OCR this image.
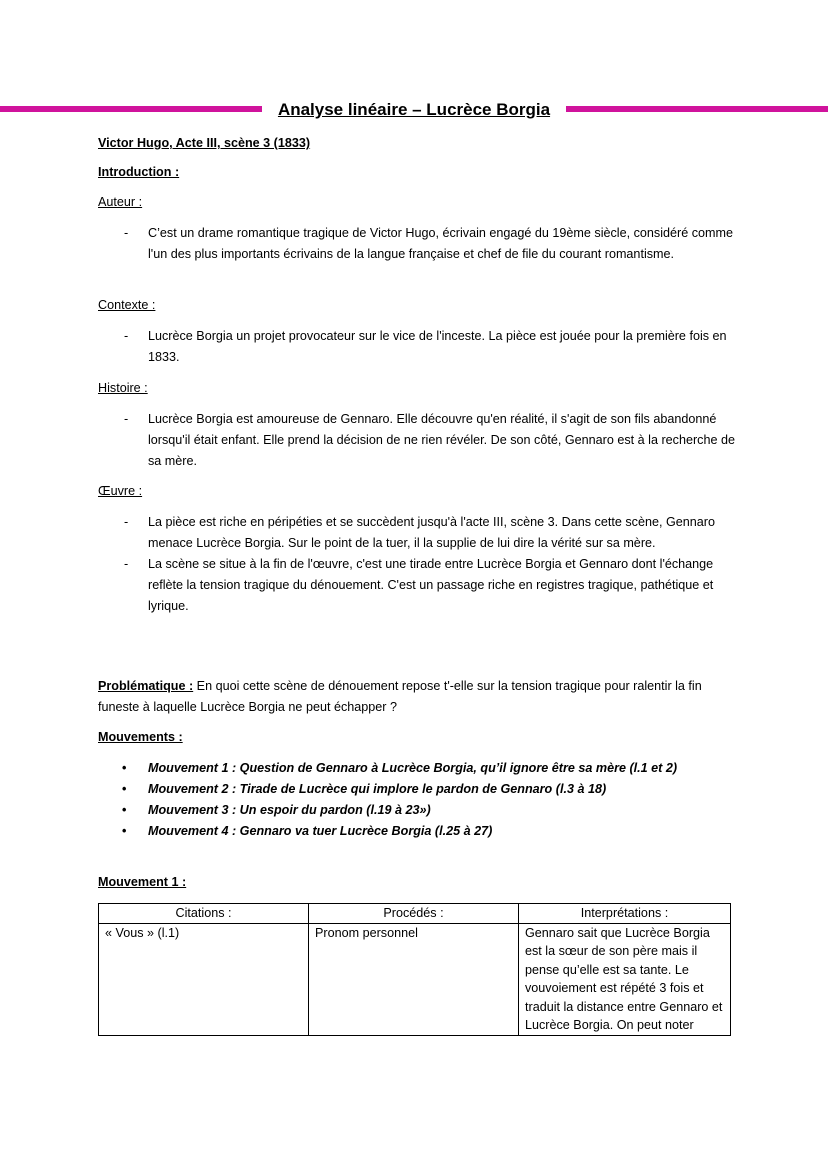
Analyse linéaire – Lucrèce Borgia
Victor Hugo, Acte III, scène 3 (1833)
Introduction :
Auteur :
- C’est un drame romantique tragique de Victor Hugo, écrivain engagé du 19ème siècle, considéré comme l'un des plus importants écrivains de la langue française et chef de file du courant romantisme.
Contexte :
- Lucrèce Borgia un projet provocateur sur le vice de l'inceste. La pièce est jouée pour la première fois en 1833.
Histoire :
- Lucrèce Borgia est amoureuse de Gennaro. Elle découvre qu'en réalité, il s'agit de son fils abandonné lorsqu'il était enfant. Elle prend la décision de ne rien révéler. De son côté, Gennaro est à la recherche de sa mère.
Œuvre :
- La pièce est riche en péripéties et se succèdent jusqu'à l'acte III, scène 3. Dans cette scène, Gennaro menace Lucrèce Borgia. Sur le point de la tuer, il la supplie de lui dire la vérité sur sa mère.
- La scène se situe à la fin de l'œuvre, c'est une tirade entre Lucrèce Borgia et Gennaro dont l'échange reflète la tension tragique du dénouement. C'est un passage riche en registres tragique, pathétique et lyrique.
Problématique : En quoi cette scène de dénouement repose t'-elle sur la tension tragique pour ralentir la fin funeste à laquelle Lucrèce Borgia ne peut échapper ?
Mouvements :
• Mouvement 1 : Question de Gennaro à Lucrèce Borgia, qu’il ignore être sa mère (l.1 et 2)
• Mouvement 2 : Tirade de Lucrèce qui implore le pardon de Gennaro (l.3 à 18)
• Mouvement 3 : Un espoir du pardon (l.19 à 23»)
• Mouvement 4 : Gennaro va tuer Lucrèce Borgia (l.25 à 27)
Mouvement 1 :
Citations :	Procédés :	Interprétations :
« Vous » (l.1)	Pronom personnel	Gennaro sait que Lucrèce Borgia est la sœur de son père mais il pense qu’elle est sa tante. Le vouvoiement est répété 3 fois et traduit la distance entre Gennaro et Lucrèce Borgia. On peut noter
